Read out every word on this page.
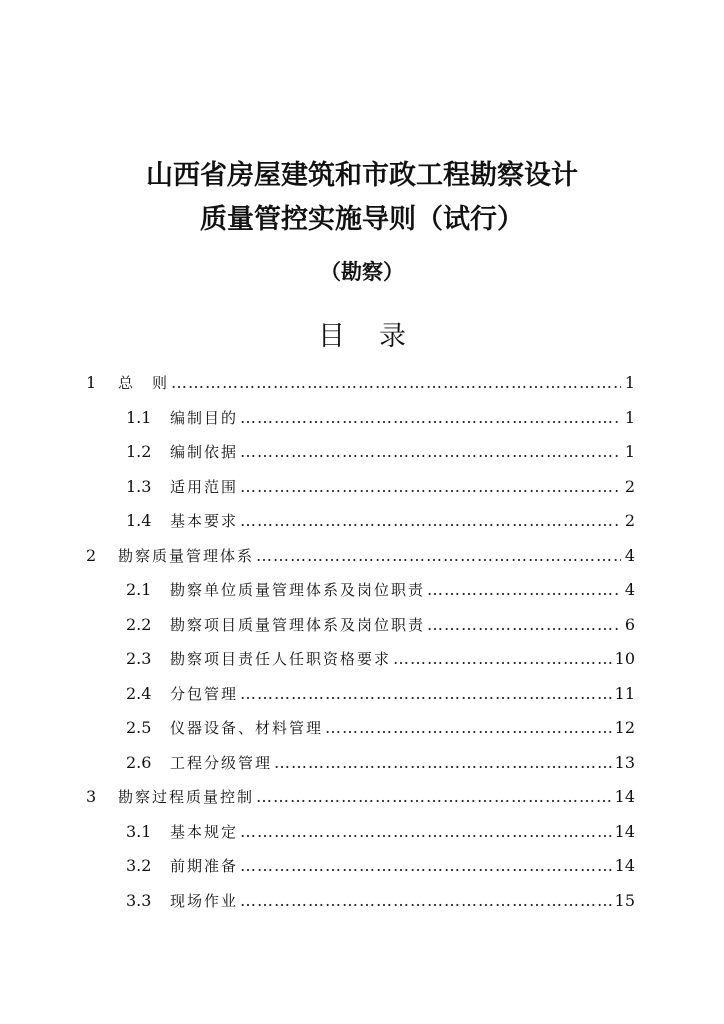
山西省房屋建筑和市政工程勘察设计
质量管控实施导则（试行）
（勘察）
目 录
1	总　则 …………………………………………………………………………………………………………………………………………………………	1
1.1	编制目的 …………………………………………………………………………………………………………………………………………………………	1
1.2	编制依据 …………………………………………………………………………………………………………………………………………………………	1
1.3	适用范围 …………………………………………………………………………………………………………………………………………………………	2
1.4	基本要求 …………………………………………………………………………………………………………………………………………………………	2
2	勘察质量管理体系 …………………………………………………………………………………………………………………………………………………………	4
2.1	勘察单位质量管理体系及岗位职责 …………………………………………………………………………………………………………………………………………………………	4
2.2	勘察项目质量管理体系及岗位职责 …………………………………………………………………………………………………………………………………………………………	6
2.3	勘察项目责任人任职资格要求 …………………………………………………………………………………………………………………………………………………………	10
2.4	分包管理 …………………………………………………………………………………………………………………………………………………………	11
2.5	仪器设备、材料管理 …………………………………………………………………………………………………………………………………………………………	12
2.6	工程分级管理 …………………………………………………………………………………………………………………………………………………………	13
3	勘察过程质量控制 …………………………………………………………………………………………………………………………………………………………	14
3.1	基本规定 …………………………………………………………………………………………………………………………………………………………	14
3.2	前期准备 …………………………………………………………………………………………………………………………………………………………	14
3.3	现场作业 …………………………………………………………………………………………………………………………………………………………	15
